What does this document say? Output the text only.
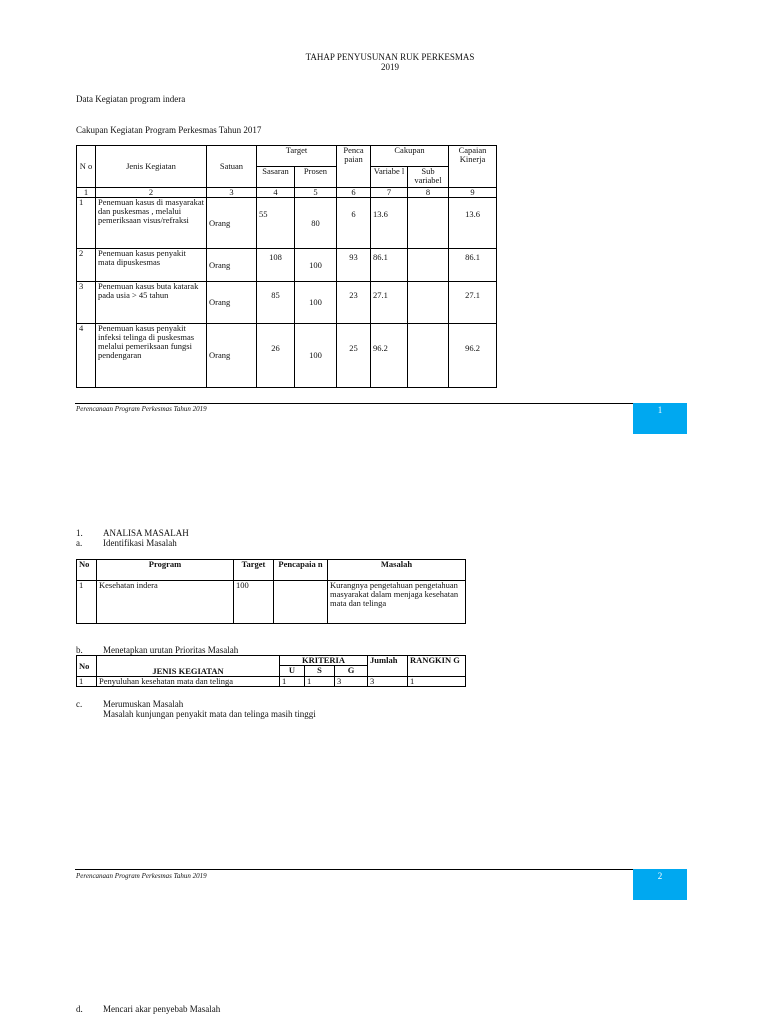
TAHAP PENYUSUNAN RUK PERKESMAS
2019
Data Kegiatan program indera
Cakupan Kegiatan Program Perkesmas Tahun 2017
N o	Jenis Kegiatan	Satuan	Target		Penca paian	Cakupan		Capaian Kinerja
			Sasaran	Prosen		Variabe l	Sub variabel	
1	2	3	4	5	6	7	8	9
1	Penemuan kasus di masyarakat dan puskesmas , melalui pemeriksaan visus/refraksi	Orang	55	80	6	13.6		13.6
2	Penemuan kasus penyakit mata dipuskesmas	Orang	108	100	93	86.1		86.1
3	Penemuan kasus buta katarak pada usia > 45 tahun	Orang	85	100	23	27.1		27.1
4	Penemuan kasus penyakit infeksi telinga di puskesmas melalui pemeriksaan fungsi pendengaran	Orang	26	100	25	96.2		96.2
Perencanaan Program Perkesmas Tahun 2019	1
1. ANALISA MASALAH
a. Identifikasi Masalah
No	Program	Target	Pencapaia n	Masalah
1	Kesehatan indera	100		Kurangnya pengetahuan pengetahuan masyarakat dalam menjaga kesehatan mata dan telinga
b. Menetapkan urutan Prioritas Masalah
No	JENIS KEGIATAN	KRITERIA			Jumlah	RANGKIN G
		U	S	G		
1	Penyuluhan kesehatan mata dan telinga	1	1	3	3	1
c. Merumuskan Masalah
Masalah kunjungan penyakit mata dan telinga masih tinggi
Perencanaan Program Perkesmas Tahun 2019	2
d. Mencari akar penyebab Masalah
